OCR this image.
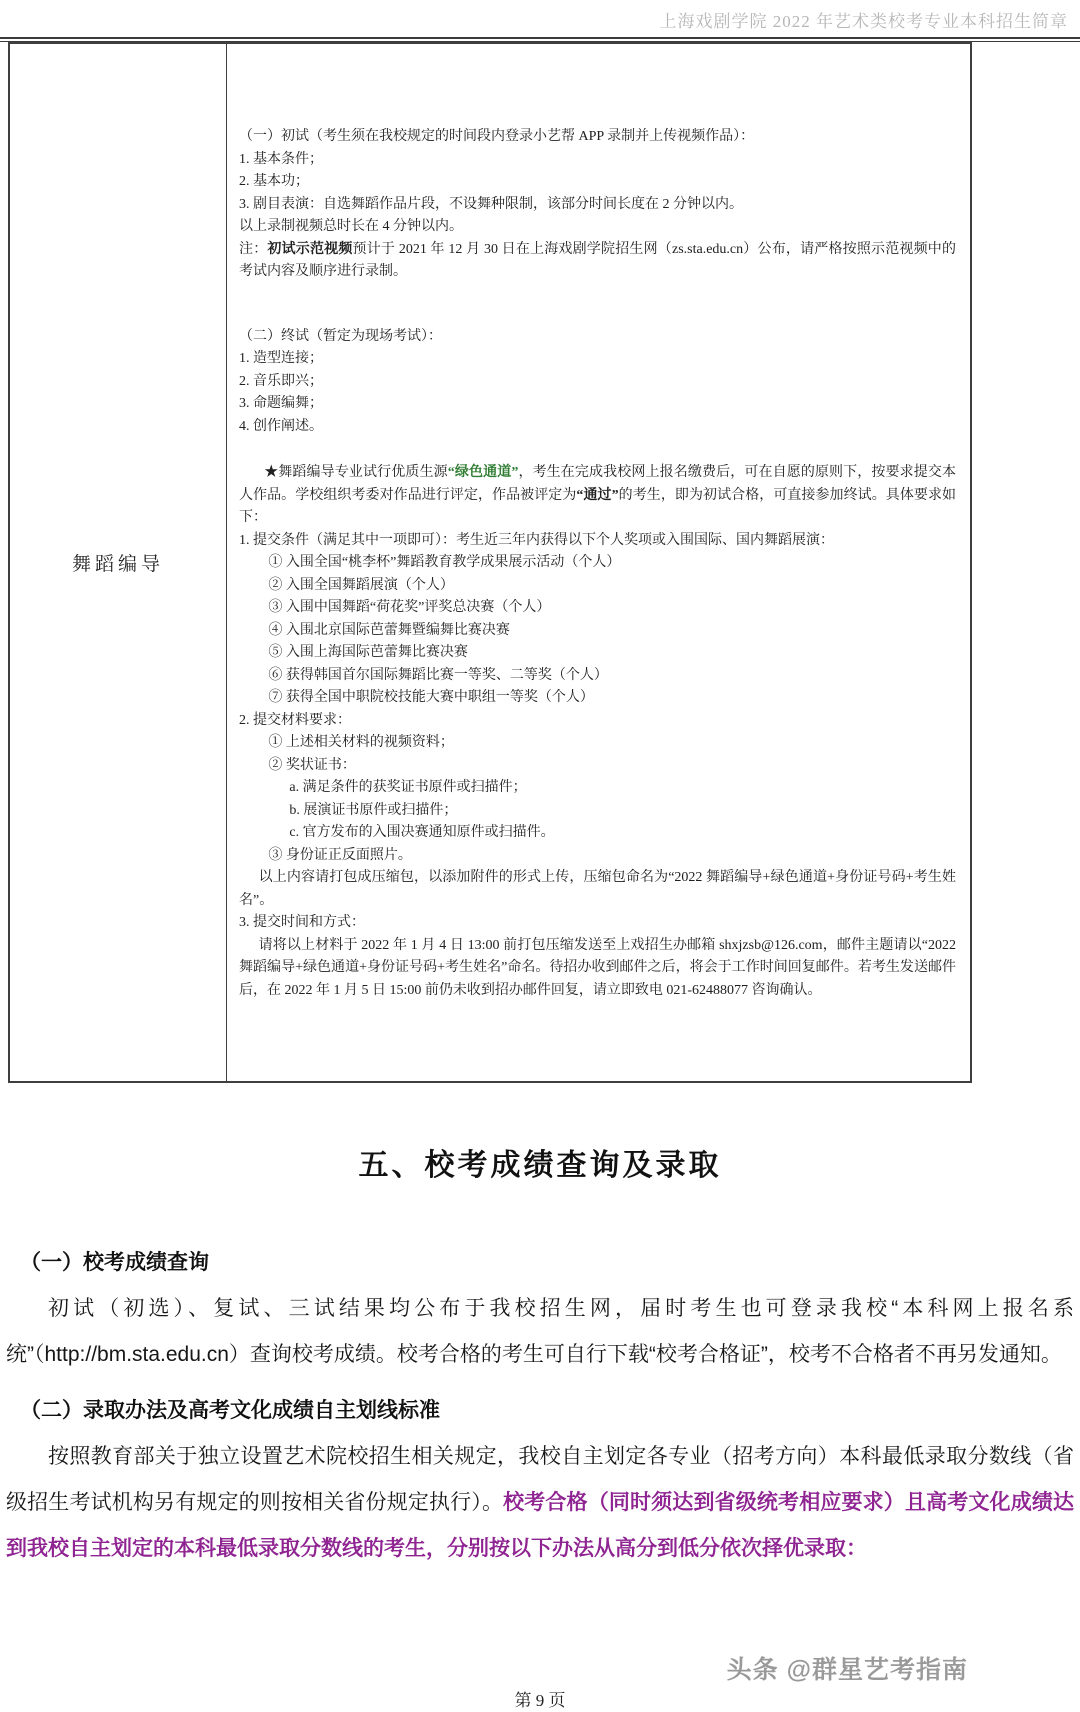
上海戏剧学院 2022 年艺术类校考专业本科招生简章
舞蹈编导

（一）初试（考生须在我校规定的时间段内登录小艺帮 APP 录制并上传视频作品）：

1. 基本条件；

2. 基本功；

3. 剧目表演：自选舞蹈作品片段，不设舞种限制，该部分时间长度在 2 分钟以内。

以上录制视频总时长在 4 分钟以内。

注：初试示范视频预计于 2021 年 12 月 30 日在上海戏剧学院招生网（zs.sta.edu.cn）公布，请严格按照示范视频中的考试内容及顺序进行录制。

（二）终试（暂定为现场考试）：

1. 造型连接；

2. 音乐即兴；

3. 命题编舞；

4. 创作阐述。

★舞蹈编导专业试行优质生源“绿色通道”，考生在完成我校网上报名缴费后，可在自愿的原则下，按要求提交本人作品。学校组织考委对作品进行评定，作品被评定为“通过”的考生，即为初试合格，可直接参加终试。具体要求如下：

1. 提交条件（满足其中一项即可）：考生近三年内获得以下个人奖项或入围国际、国内舞蹈展演：

① 入围全国“桃李杯”舞蹈教育教学成果展示活动（个人）

② 入围全国舞蹈展演（个人）

③ 入围中国舞蹈“荷花奖”评奖总决赛（个人）

④ 入围北京国际芭蕾舞暨编舞比赛决赛

⑤ 入围上海国际芭蕾舞比赛决赛

⑥ 获得韩国首尔国际舞蹈比赛一等奖、二等奖（个人）

⑦ 获得全国中职院校技能大赛中职组一等奖（个人）

2. 提交材料要求：

① 上述相关材料的视频资料；

② 奖状证书：

a. 满足条件的获奖证书原件或扫描件；

b. 展演证书原件或扫描件；

c. 官方发布的入围决赛通知原件或扫描件。

③ 身份证正反面照片。

以上内容请打包成压缩包，以添加附件的形式上传，压缩包命名为“2022 舞蹈编导+绿色通道+身份证号码+考生姓名”。

3. 提交时间和方式：

请将以上材料于 2022 年 1 月 4 日 13:00 前打包压缩发送至上戏招生办邮箱 shxjzsb@126.com，邮件主题请以“2022 舞蹈编导+绿色通道+身份证号码+考生姓名”命名。待招办收到邮件之后，将会于工作时间回复邮件。若考生发送邮件后，在 2022 年 1 月 5 日 15:00 前仍未收到招办邮件回复，请立即致电 021-62488077 咨询确认。

五、校考成绩查询及录取
（一）校考成绩查询

初试（初选）、复试、三试结果均公布于我校招生网，届时考生也可登录我校“本科网上报名系统”（http://bm.sta.edu.cn）查询校考成绩。校考合格的考生可自行下载“校考合格证”，校考不合格者不再另发通知。

（二）录取办法及高考文化成绩自主划线标准

按照教育部关于独立设置艺术院校招生相关规定，我校自主划定各专业（招考方向）本科最低录取分数线（省级招生考试机构另有规定的则按相关省份规定执行）。校考合格（同时须达到省级统考相应要求）且高考文化成绩达到我校自主划定的本科最低录取分数线的考生，分别按以下办法从高分到低分依次择优录取：

头条 @群星艺考指南
第 9 页
